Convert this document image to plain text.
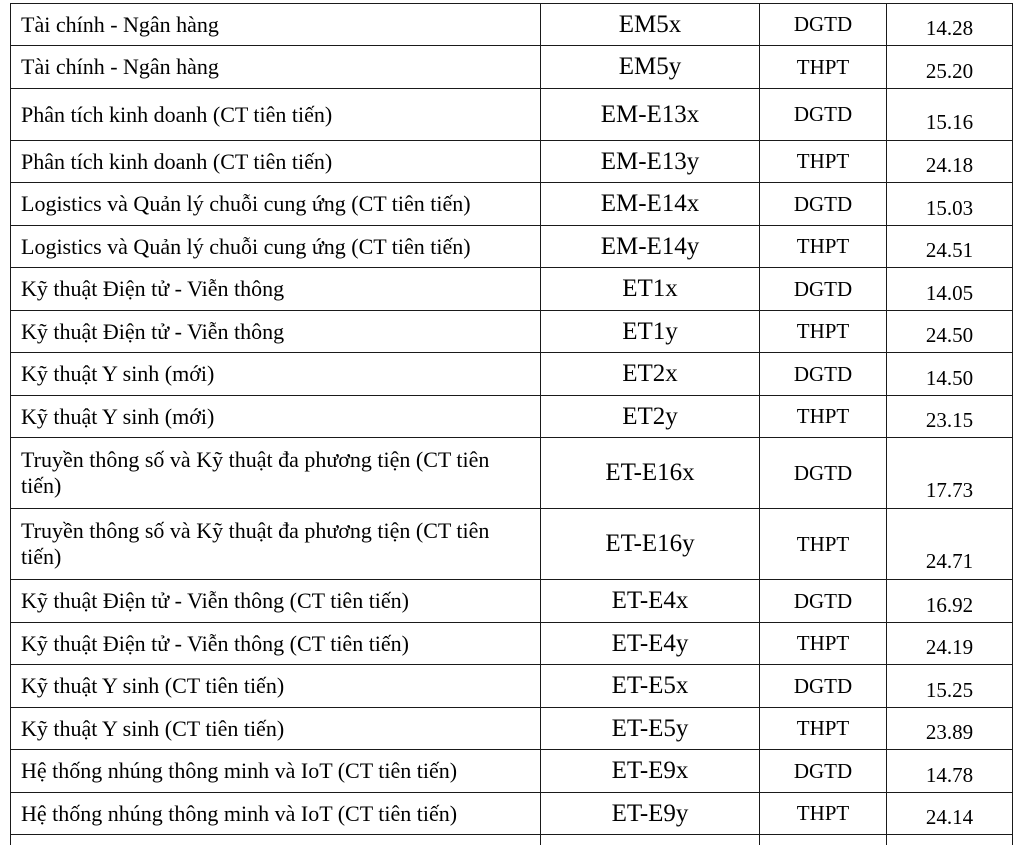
Tài chính - Ngân hàng	EM5x	DGTD	14.28
Tài chính - Ngân hàng	EM5y	THPT	25.20
Phân tích kinh doanh (CT tiên tiến)	EM-E13x	DGTD	15.16
Phân tích kinh doanh (CT tiên tiến)	EM-E13y	THPT	24.18
Logistics và Quản lý chuỗi cung ứng (CT tiên tiến)	EM-E14x	DGTD	15.03
Logistics và Quản lý chuỗi cung ứng (CT tiên tiến)	EM-E14y	THPT	24.51
Kỹ thuật Điện tử - Viễn thông	ET1x	DGTD	14.05
Kỹ thuật Điện tử - Viễn thông	ET1y	THPT	24.50
Kỹ thuật Y sinh (mới)	ET2x	DGTD	14.50
Kỹ thuật Y sinh (mới)	ET2y	THPT	23.15
Truyền thông số và Kỹ thuật đa phương tiện (CT tiên tiến)	ET-E16x	DGTD	17.73
Truyền thông số và Kỹ thuật đa phương tiện (CT tiên tiến)	ET-E16y	THPT	24.71
Kỹ thuật Điện tử - Viễn thông (CT tiên tiến)	ET-E4x	DGTD	16.92
Kỹ thuật Điện tử - Viễn thông (CT tiên tiến)	ET-E4y	THPT	24.19
Kỹ thuật Y sinh (CT tiên tiến)	ET-E5x	DGTD	15.25
Kỹ thuật Y sinh (CT tiên tiến)	ET-E5y	THPT	23.89
Hệ thống nhúng thông minh và IoT (CT tiên tiến)	ET-E9x	DGTD	14.78
Hệ thống nhúng thông minh và IoT (CT tiên tiến)	ET-E9y	THPT	24.14
